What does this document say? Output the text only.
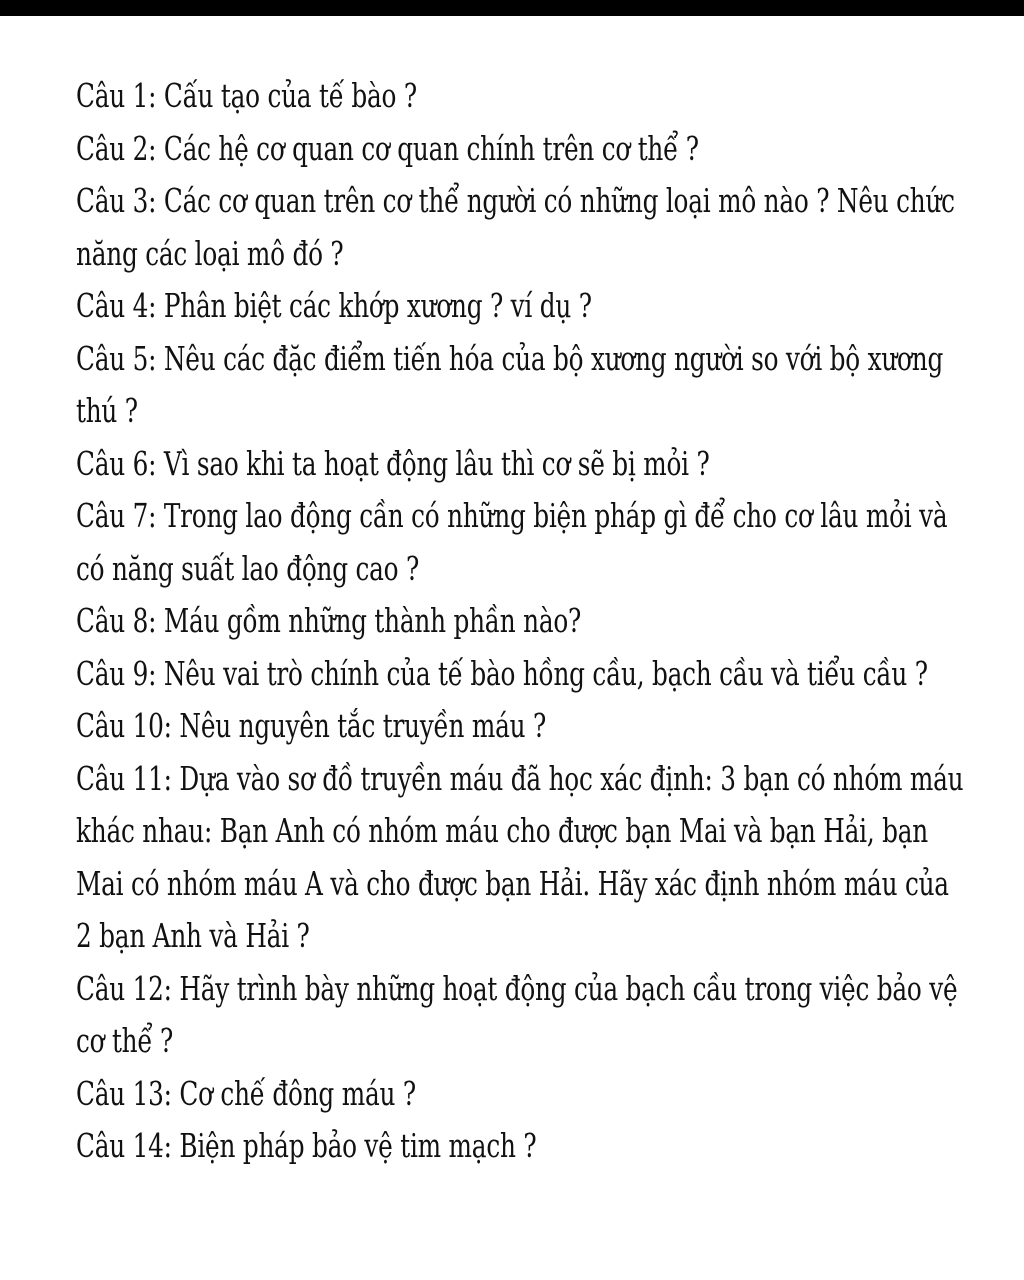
Câu 1: Cấu tạo của tế bào ?
Câu 2: Các hệ cơ quan cơ quan chính trên cơ thể ?
Câu 3: Các cơ quan trên cơ thể người có những loại mô nào ? Nêu chức
năng các loại mô đó ?
Câu 4: Phân biệt các khớp xương ? ví dụ ?
Câu 5: Nêu các đặc điểm tiến hóa của bộ xương người so với bộ xương
thú ?
Câu 6: Vì sao khi ta hoạt động lâu thì cơ sẽ bị mỏi ?
Câu 7: Trong lao động cần có những biện pháp gì để cho cơ lâu mỏi và
có năng suất lao động cao ?
Câu 8: Máu gồm những thành phần nào?
Câu 9: Nêu vai trò chính của tế bào hồng cầu, bạch cầu và tiểu cầu ?
Câu 10: Nêu nguyên tắc truyền máu ?
Câu 11: Dựa vào sơ đồ truyền máu đã học xác định: 3 bạn có nhóm máu
khác nhau: Bạn Anh có nhóm máu cho được bạn Mai và bạn Hải, bạn
Mai có nhóm máu A và cho được bạn Hải. Hãy xác định nhóm máu của
2 bạn Anh và Hải ?
Câu 12: Hãy trình bày những hoạt động của bạch cầu trong việc bảo vệ
cơ thể ?
Câu 13: Cơ chế đông máu ?
Câu 14: Biện pháp bảo vệ tim mạch ?
